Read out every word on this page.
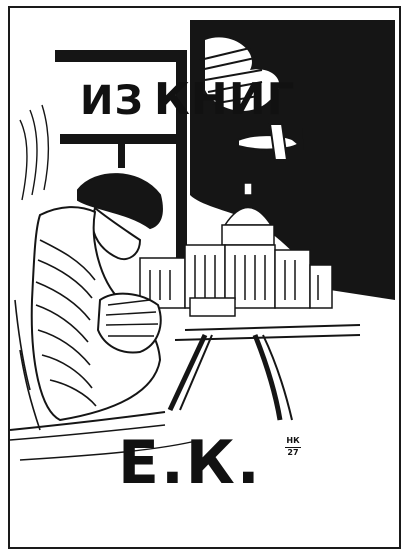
ИЗ КНИГ
Е.К.	НК
27
